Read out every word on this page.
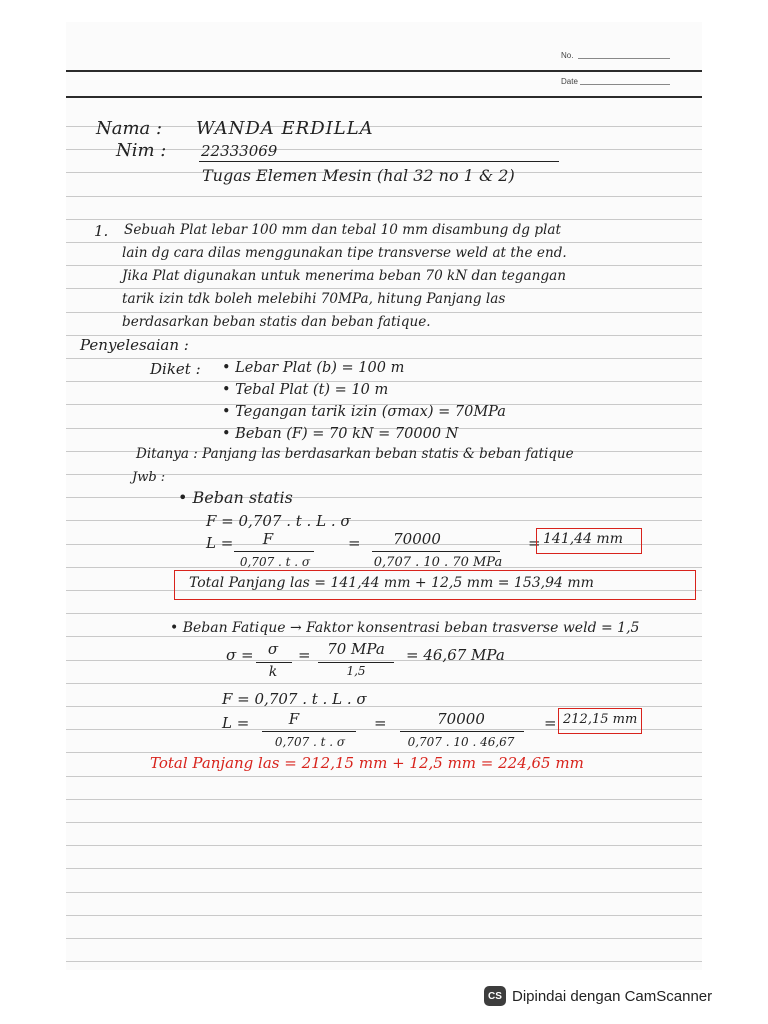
No.
Date
Nama : WANDA ERDILLA
Nim : 22333069
Tugas Elemen Mesin (hal 32 no 1 & 2)
1. Sebuah Plat lebar 100 mm dan tebal 10 mm disambung dg plat
lain dg cara dilas menggunakan tipe transverse weld at the end.
Jika Plat digunakan untuk menerima beban 70 kN dan tegangan
tarik izin tdk boleh melebihi 70MPa, hitung Panjang las
berdasarkan beban statis dan beban fatique.
Penyelesaian :
Diket : • Lebar Plat (b) = 100 m
• Tebal Plat (t) = 10 m
• Tegangan tarik izin (σmax) = 70MPa
• Beban (F) = 70 kN = 70000 N
Ditanya : Panjang las berdasarkan beban statis & beban fatique
Jwb :
• Beban statis
F = 0,707 . t . L . σ
L =	F
0,707 . t . σ
=	70000
0,707 . 10 . 70 MPa
= 141,44 mm
Total Panjang las = 141,44 mm + 12,5 mm = 153,94 mm
• Beban Fatique → Faktor konsentrasi beban trasverse weld = 1,5
σ = σ
k
=	70 MPa
1,5
= 46,67 MPa
F = 0,707 . t . L . σ
L =	F
0,707 . t . σ
=	70000
0,707 . 10 . 46,67
= 212,15 mm
Total Panjang las = 212,15 mm + 12,5 mm = 224,65 mm
CS Dipindai dengan CamScanner
